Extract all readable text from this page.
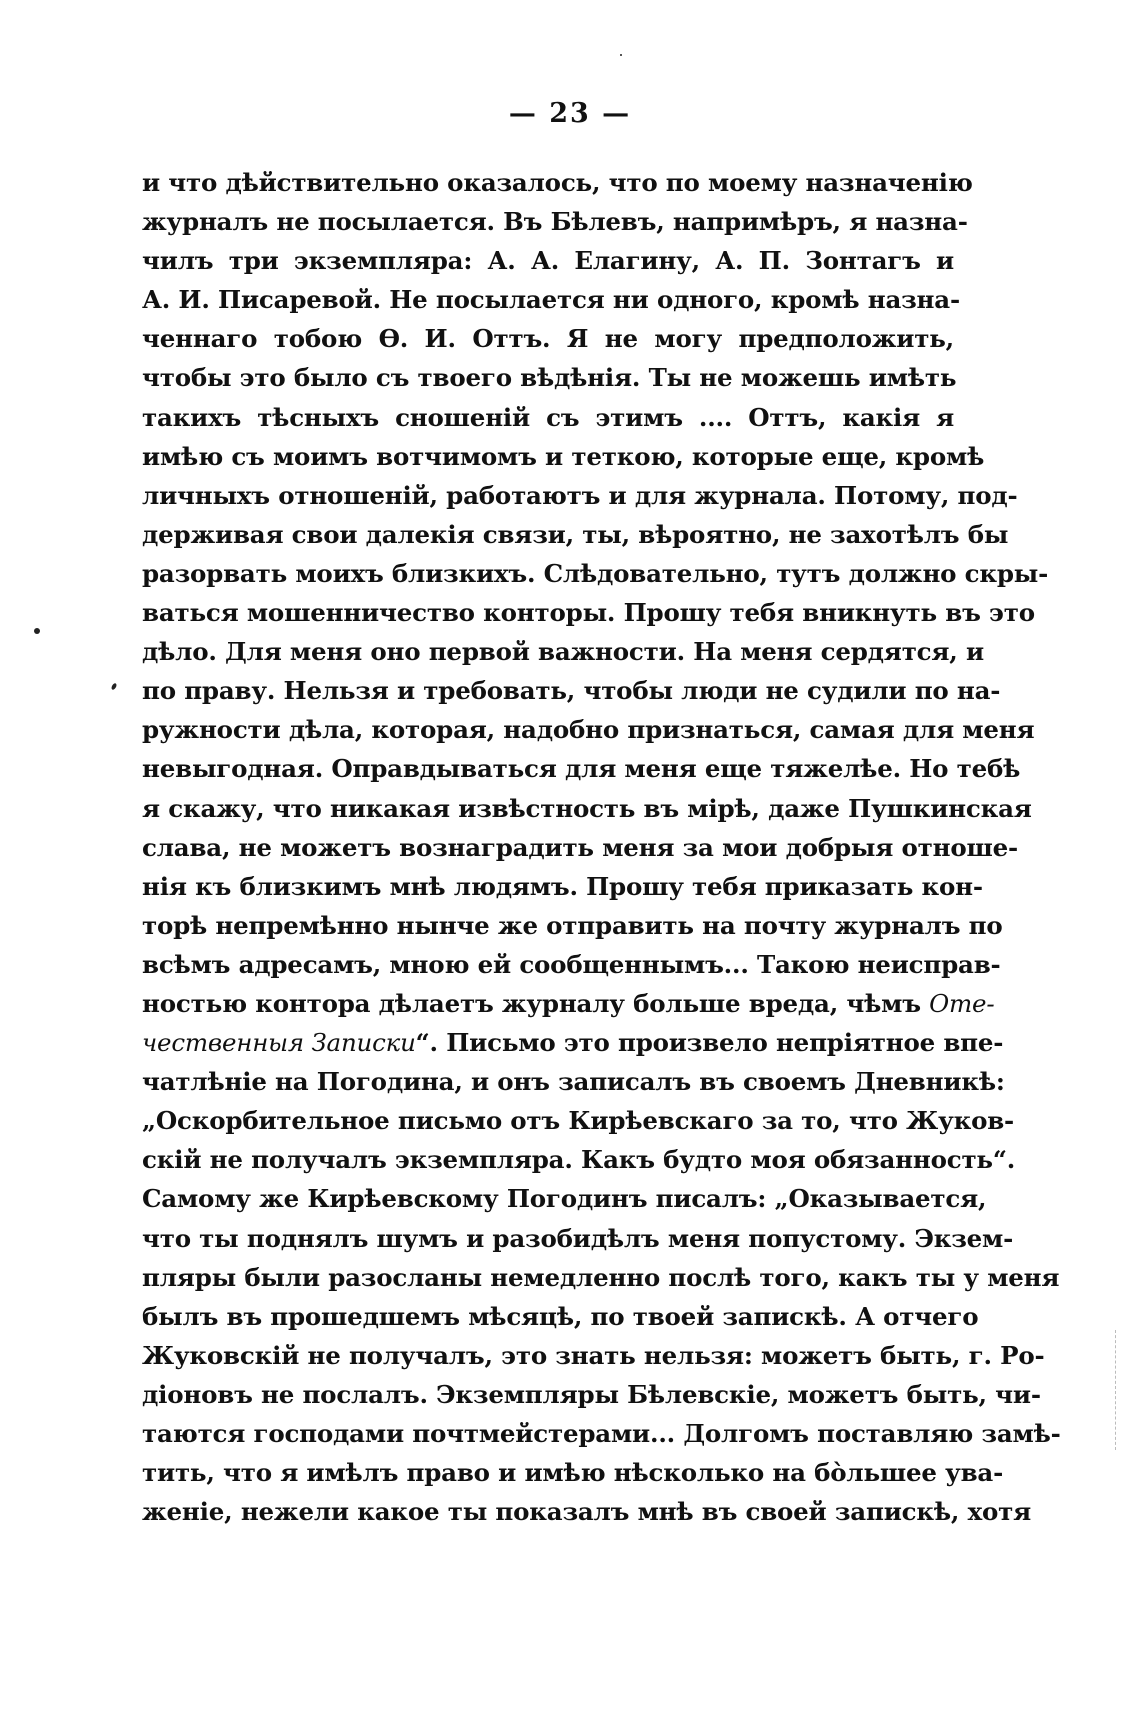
— 23 —
и что дѣйствительно оказалось, что по моему назначенію
журналъ не посылается. Въ Бѣлевъ, напримѣръ, я назна-
чилъ три экземпляра: А. А. Елагину, А. П. Зонтагъ и
А. И. Писаревой. Не посылается ни одного, кромѣ назна-
ченнаго тобою Ѳ. И. Оттъ. Я не могу предположить,
чтобы это было съ твоего вѣдѣнія. Ты не можешь имѣть
такихъ тѣсныхъ сношеній съ этимъ .... Оттъ, какія я
имѣю съ моимъ вотчимомъ и теткою, которые еще, кромѣ
личныхъ отношеній, работаютъ и для журнала. Потому, под-
держивая свои далекія связи, ты, вѣроятно, не захотѣлъ бы
разорвать моихъ близкихъ. Слѣдовательно, тутъ должно скры-
ваться мошенничество конторы. Прошу тебя вникнуть въ это
дѣло. Для меня оно первой важности. На меня сердятся, и
по праву. Нельзя и требовать, чтобы люди не судили по на-
ружности дѣла, которая, надобно признаться, самая для меня
невыгодная. Оправдываться для меня еще тяжелѣе. Но тебѣ
я скажу, что никакая извѣстность въ мірѣ, даже Пушкинская
слава, не можетъ вознаградить меня за мои добрыя отноше-
нія къ близкимъ мнѣ людямъ. Прошу тебя приказать кон-
торѣ непремѣнно нынче же отправить на почту журналъ по
всѣмъ адресамъ, мною ей сообщеннымъ... Такою неисправ-
ностью контора дѣлаетъ журналу больше вреда, чѣмъ Оте-
чественныя Записки“. Письмо это произвело непріятное впе-
чатлѣніе на Погодина, и онъ записалъ въ своемъ Дневникѣ:
„Оскорбительное письмо отъ Кирѣевскаго за то, что Жуков-
скій не получалъ экземпляра. Какъ будто моя обязанность“.
Самому же Кирѣевскому Погодинъ писалъ: „Оказывается,
что ты поднялъ шумъ и разобидѣлъ меня попустому. Экзем-
пляры были разосланы немедленно послѣ того, какъ ты у меня
былъ въ прошедшемъ мѣсяцѣ, по твоей запискѣ. А отчего
Жуковскій не получалъ, это знать нельзя: можетъ быть, г. Ро-
діоновъ не послалъ. Экземпляры Бѣлевскіе, можетъ быть, чи-
таются господами почтмейстерами... Долгомъ поставляю замѣ-
тить, что я имѣлъ право и имѣю нѣсколько на бо̀льшее ува-
женіе, нежели какое ты показалъ мнѣ въ своей запискѣ, хотя
